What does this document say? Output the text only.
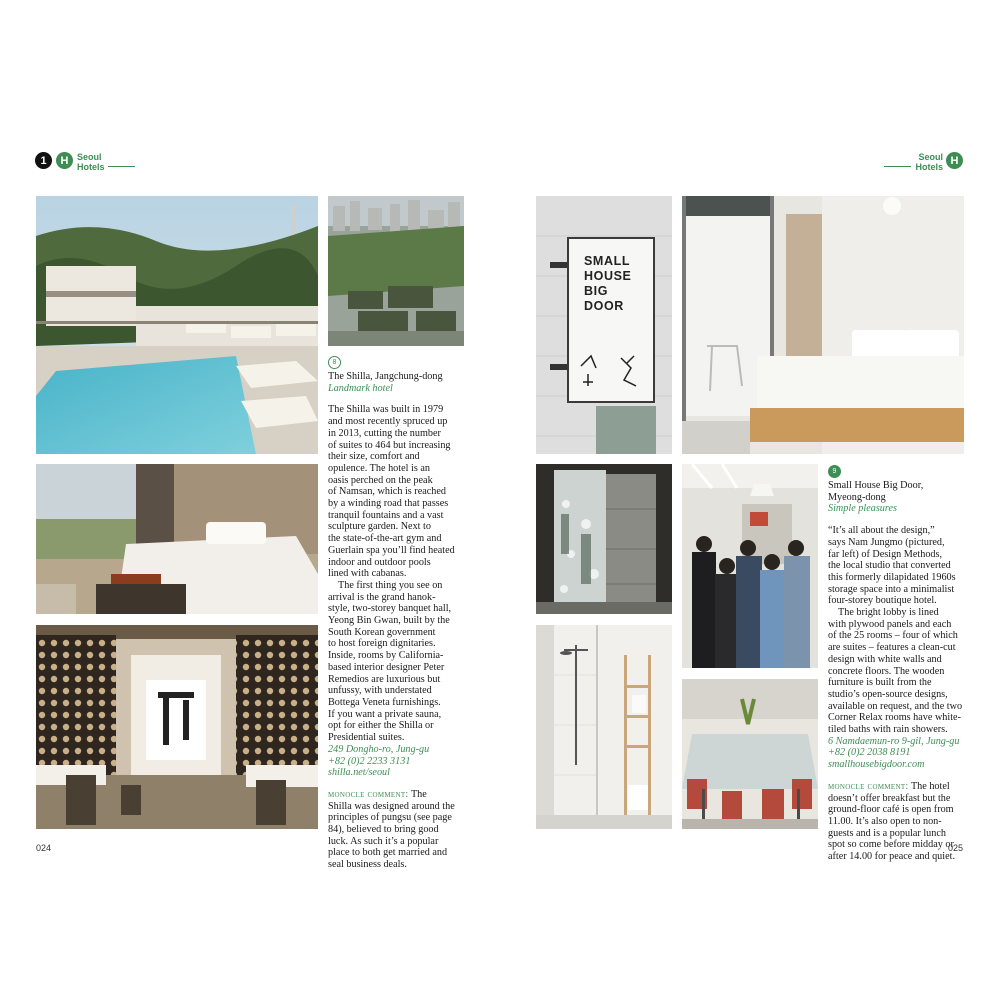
1 H Seoul
Hotels
Seoul
Hotels
H

8

The Shilla, Jangchung-dong

Landmark hotel

The Shilla was built in 1979

and most recently spruced up

in 2013, cutting the number

of suites to 464 but increasing

their size, comfort and

opulence. The hotel is an

oasis perched on the peak

of Namsan, which is reached

by a winding road that passes

tranquil fountains and a vast

sculpture garden. Next to

the state-of-the-art gym and

Guerlain spa you’ll find heated

indoor and outdoor pools

lined with cabanas.

The first thing you see on

arrival is the grand hanok-

style, two-storey banquet hall,

Yeong Bin Gwan, built by the

South Korean government

to host foreign dignitaries.

Inside, rooms by California-

based interior designer Peter

Remedios are luxurious but

unfussy, with understated

Bottega Veneta furnishings.

If you want a private sauna,

opt for either the Shilla or

Presidential suites.

249 Dongho-ro, Jung-gu

+82 (0)2 2233 3131

shilla.net/seoul

monocle comment: The

Shilla was designed around the

principles of pungsu (see page

84), believed to bring good

luck. As such it’s a popular

place to both get married and

seal business deals.

024
SMALL
HOUSE
BIG
DOOR

9

Small House Big Door,

Myeong-dong

Simple pleasures

“It’s all about the design,”

says Nam Jungmo (pictured,

far left) of Design Methods,

the local studio that converted

this formerly dilapidated 1960s

storage space into a minimalist

four-storey boutique hotel.

The bright lobby is lined

with plywood panels and each

of the 25 rooms – four of which

are suites – features a clean-cut

design with white walls and

concrete floors. The wooden

furniture is built from the

studio’s open-source designs,

available on request, and the two

Corner Relax rooms have white-

tiled baths with rain showers.

6 Namdaemun-ro 9-gil, Jung-gu

+82 (0)2 2038 8191

smallhousebigdoor.com

monocle comment: The hotel

doesn’t offer breakfast but the

ground-floor café is open from

11.00. It’s also open to non-

guests and is a popular lunch

spot so come before midday or

after 14.00 for peace and quiet.

025
